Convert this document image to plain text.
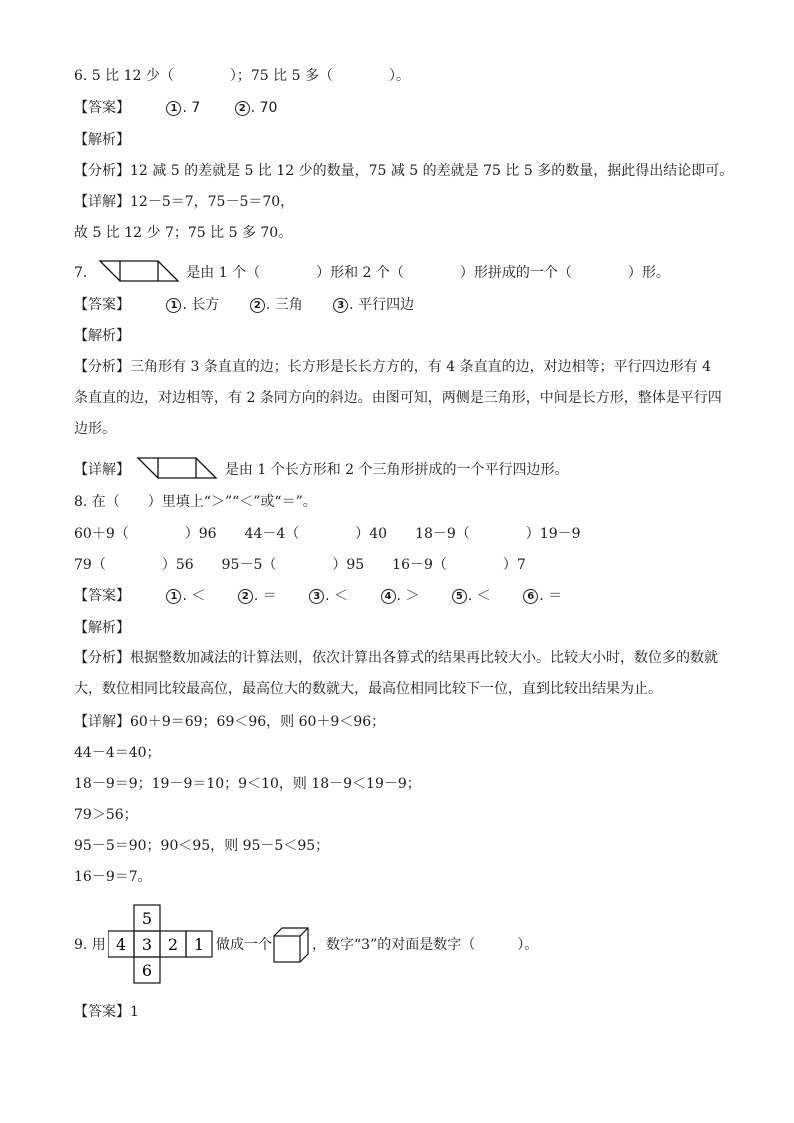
6. 5 比 12 少（　　　　）；75 比 5 多（　　　　）。
【答案】	1 . 7	2 . 70
【解析】
【分析】12 减 5 的差就是 5 比 12 少的数量，75 减 5 的差就是 75 比 5 多的数量，据此得出结论即可。
【详解】12－5＝7，75－5＝70，
故 5 比 12 少 7；75 比 5 多 70。
7.	是由 1 个（　　　　）形和 2 个（　　　　）形拼成的一个（　　　　）形。
【答案】	1 . 长方	2 . 三角	3 . 平行四边
【解析】
【分析】三角形有 3 条直直的边；长方形是长长方方的，有 4 条直直的边，对边相等；平行四边形有 4 条直直的边，对边相等，有 2 条同方向的斜边。由图可知，两侧是三角形，中间是长方形，整体是平行四边形。
【详解】	是由 1 个长方形和 2 个三角形拼成的一个平行四边形。
8. 在（　　）里填上“＞”“＜”或“＝”。
60＋9（　　　　）96　　44－4（　　　　）40　　18－9（　　　　）19－9
79（　　　　）56　　95－5（　　　　）95　　16－9（　　　　）7
【答案】	1 . ＜	2 . ＝	3 . ＜	4 . ＞	5 . ＜	6 . ＝
【解析】
【分析】根据整数加减法的计算法则，依次计算出各算式的结果再比较大小。比较大小时，数位多的数就大，数位相同比较最高位，最高位大的数就大，最高位相同比较下一位，直到比较出结果为止。
【详解】60＋9＝69；69＜96，则 60＋9＜96；
44－4＝40；
18－9＝9；19－9＝10；9＜10，则 18－9＜19－9；
79＞56；
95－5＝90；90＜95，则 95－5＜95；
16－9＝7。
9. 用
5
4 3 2 1
6
做成一个	，数字“3”的对面是数字（　　　）。
【答案】1
